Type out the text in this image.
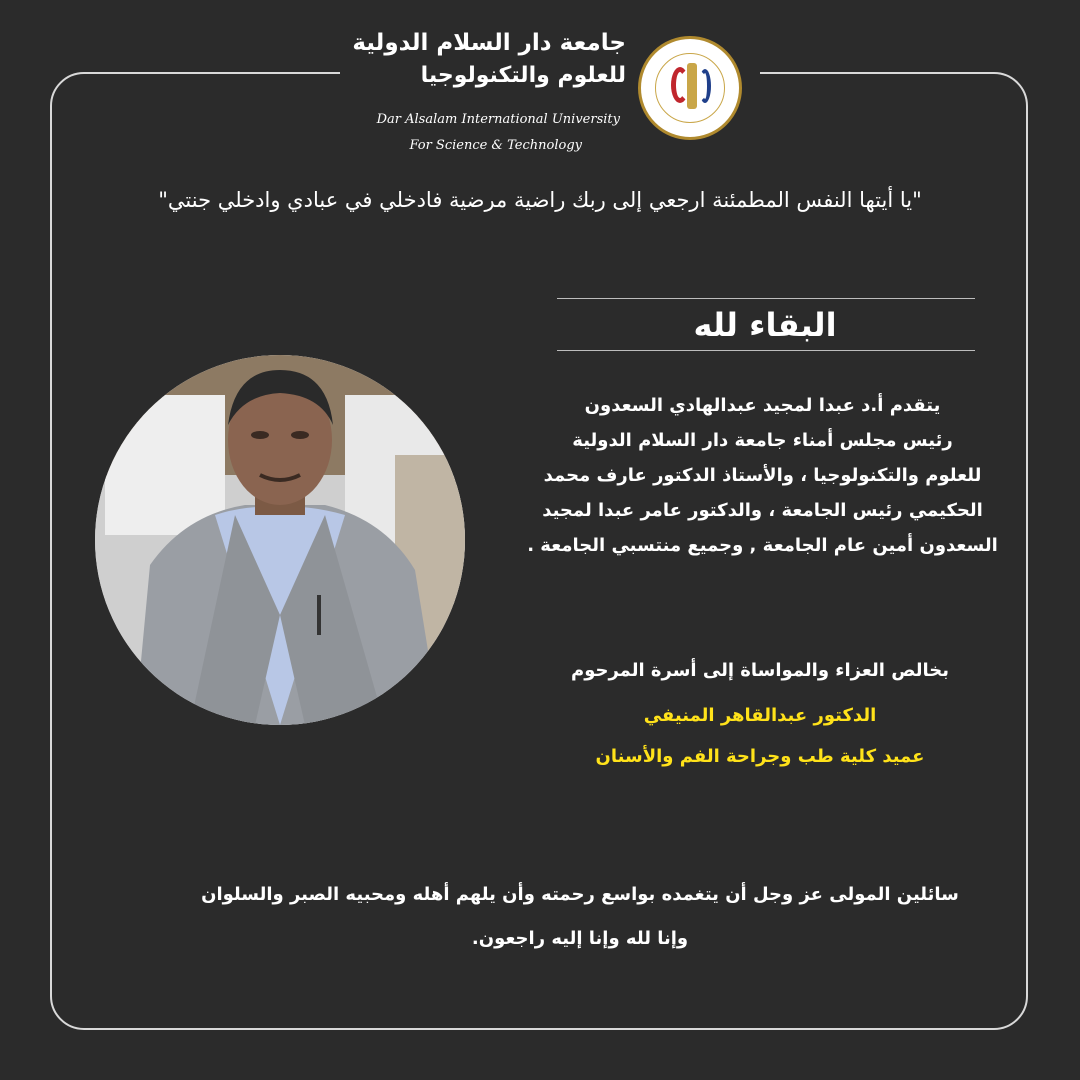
جامعة دار السلام الدولية
للعلوم والتكنولوجيا
Dar Alsalam International University
For Science & Technology
"يا أيتها النفس المطمئنة ارجعي إلى ربك راضية مرضية فادخلي في عبادي وادخلي جنتي"
البقاء لله
يتقدم أ.د عبدا لمجيد عبدالهادي السعدون
رئيس مجلس أمناء جامعة دار السلام الدولية
للعلوم والتكنولوجيا ، والأستاذ الدكتور عارف محمد
الحكيمي رئيس الجامعة ، والدكتور عامر عبدا لمجيد
السعدون أمين عام الجامعة , وجميع منتسبي الجامعة .
بخالص العزاء والمواساة إلى أسرة المرحوم
الدكتور عبدالقاهر المنيفي
عميد كلية طب وجراحة الفم والأسنان
سائلين المولى عز وجل أن يتغمده بواسع رحمته وأن يلهم أهله ومحبيه الصبر والسلوان
وإنا لله وإنا إليه راجعون.
